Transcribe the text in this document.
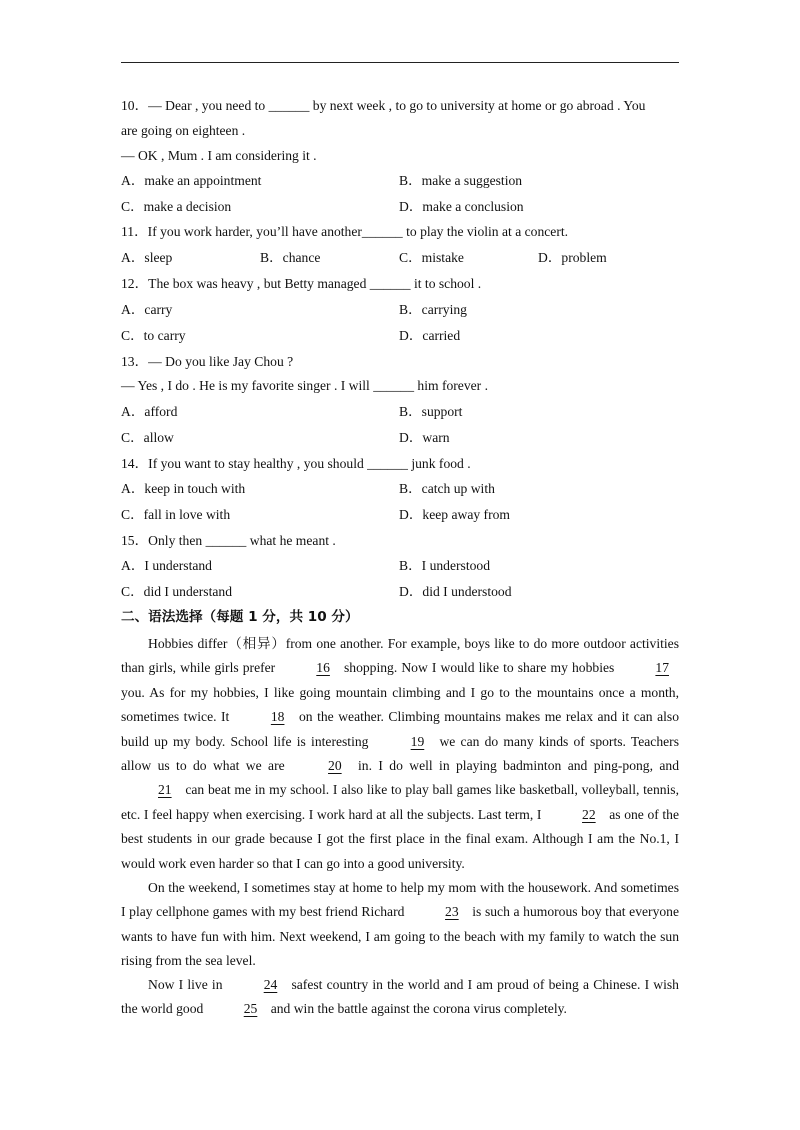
10．— Dear , you need to ______ by next week , to go to university at home or go abroad . You
are going on eighteen .
— OK , Mum . I am considering it .
A．make an appointment	B．make a suggestion
C．make a decision	D．make a conclusion
11．If you work harder, you’ll have another______ to play the violin at a concert.
A．sleep	B．chance	C．mistake	D．problem
12．The box was heavy , but Betty managed ______ it to school .
A．carry	B．carrying
C．to carry	D．carried
13．— Do you like Jay Chou ?
— Yes , I do . He is my favorite singer . I will ______ him forever .
A．afford	B．support
C．allow	D．warn
14．If you want to stay healthy , you should ______ junk food .
A．keep in touch with	B．catch up with
C．fall in love with	D．keep away from
15．Only then ______ what he meant .
A．I understand	B．I understood
C．did I understand	D．did I understood
二、语法选择（每题 1 分，共 10 分）

Hobbies differ（相异）from one another. For example, boys like to do more outdoor activities than girls, while girls prefer	16 shopping. Now I would like to share my hobbies	17 you. As for my hobbies, I like going mountain climbing and I go to the mountains once a month, sometimes twice. It	18 on the weather. Climbing mountains makes me relax and it can also build up my body. School life is interesting	19 we can do many kinds of sports. Teachers allow us to do what we are	20 in. I do well in playing badminton and ping-pong, and 21 can beat me in my school. I also like to play ball games like basketball, volleyball, tennis, etc. I feel happy when exercising. I work hard at all the subjects. Last term, I	22 as one of the best students in our grade because I got the first place in the final exam. Although I am the No.1, I would work even harder so that I can go into a good university.

On the weekend, I sometimes stay at home to help my mom with the housework. And sometimes I play cellphone games with my best friend Richard	23 is such a humorous boy that everyone wants to have fun with him. Next weekend, I am going to the beach with my family to watch the sun rising from the sea level.

Now I live in	24 safest country in the world and I am proud of being a Chinese. I wish the world good	25 and win the battle against the corona virus completely.
